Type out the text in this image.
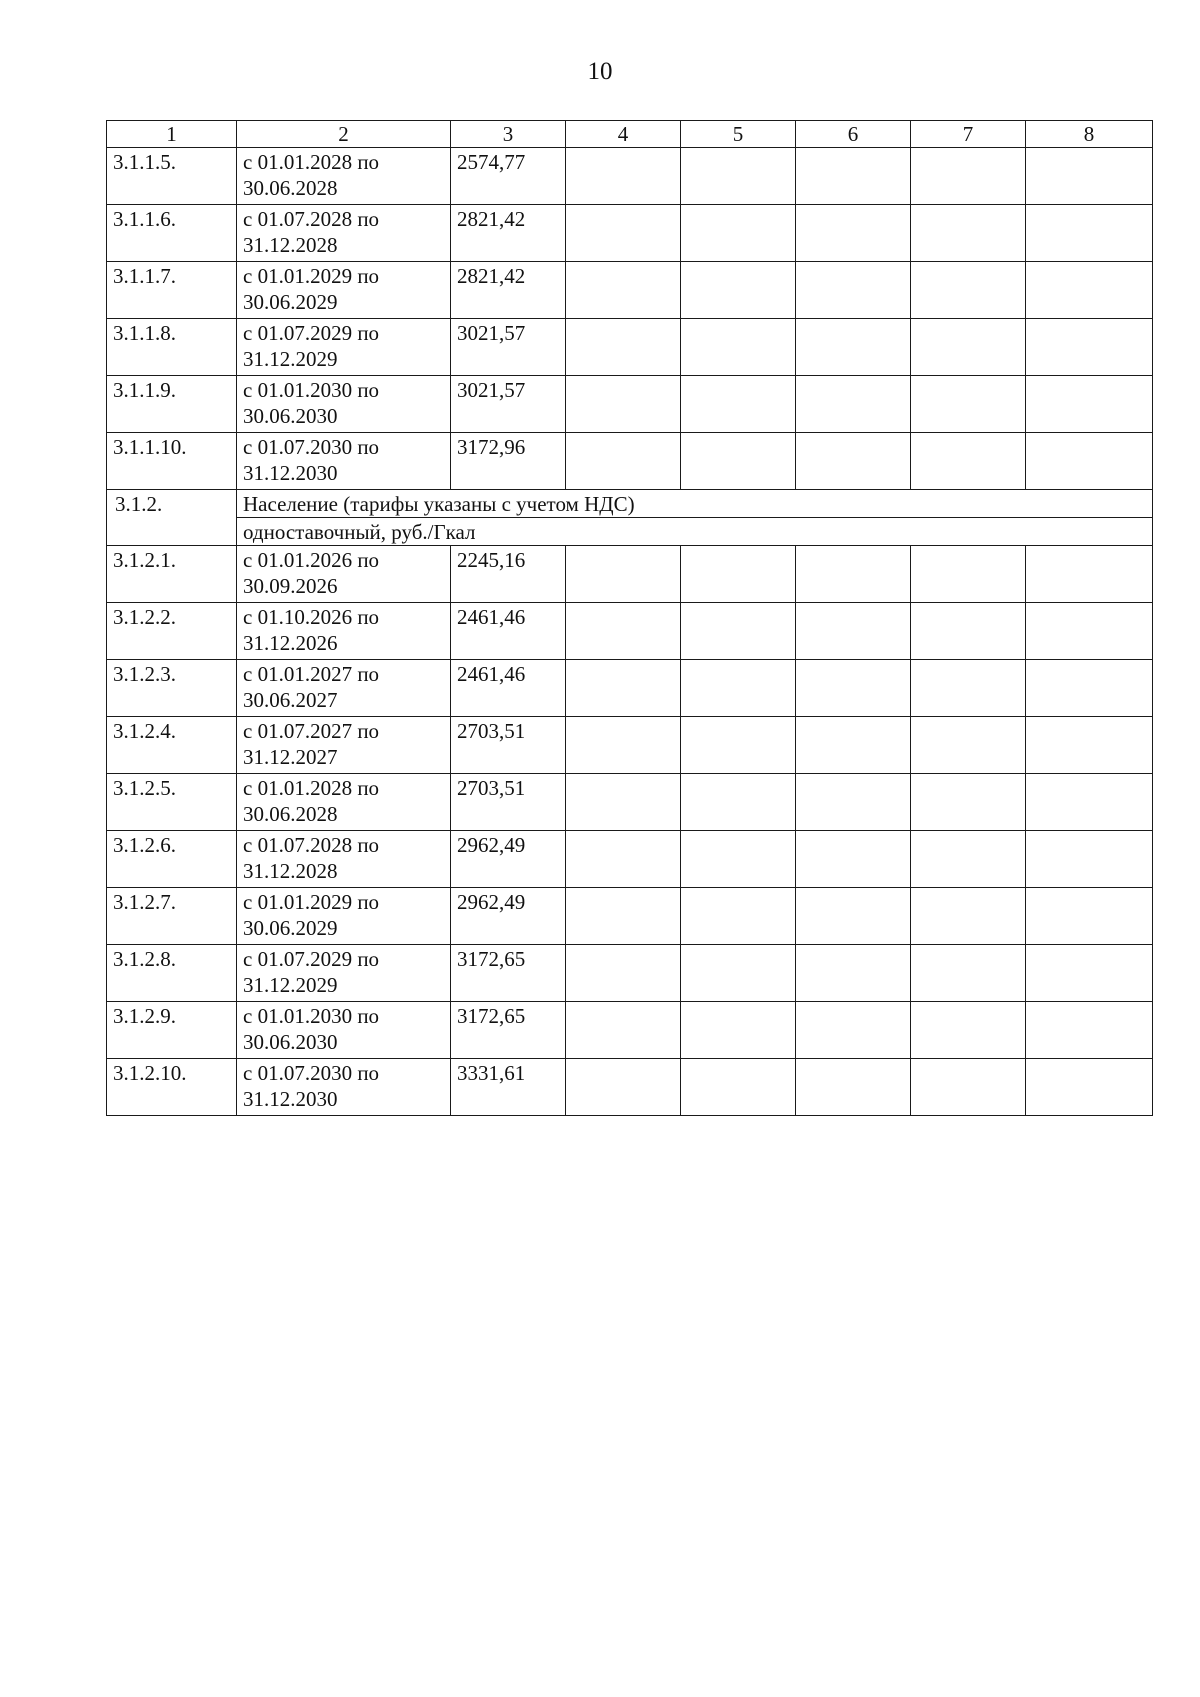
10
1	2	3	4	5	6	7	8
3.1.1.5.	с 01.01.2028 по
30.06.2028	2574,77					
3.1.1.6.	с 01.07.2028 по
31.12.2028	2821,42					
3.1.1.7.	с 01.01.2029 по
30.06.2029	2821,42					
3.1.1.8.	с 01.07.2029 по
31.12.2029	3021,57					
3.1.1.9.	с 01.01.2030 по
30.06.2030	3021,57					
3.1.1.10.	с 01.07.2030 по
31.12.2030	3172,96					
3.1.2.	Население (тарифы указаны с учетом НДС)						
	одноставочный, руб./Гкал						
3.1.2.1.	с 01.01.2026 по
30.09.2026	2245,16					
3.1.2.2.	с 01.10.2026 по
31.12.2026	2461,46					
3.1.2.3.	с 01.01.2027 по
30.06.2027	2461,46					
3.1.2.4.	с 01.07.2027 по
31.12.2027	2703,51					
3.1.2.5.	с 01.01.2028 по
30.06.2028	2703,51					
3.1.2.6.	с 01.07.2028 по
31.12.2028	2962,49					
3.1.2.7.	с 01.01.2029 по
30.06.2029	2962,49					
3.1.2.8.	с 01.07.2029 по
31.12.2029	3172,65					
3.1.2.9.	с 01.01.2030 по
30.06.2030	3172,65					
3.1.2.10.	с 01.07.2030 по
31.12.2030	3331,61					
